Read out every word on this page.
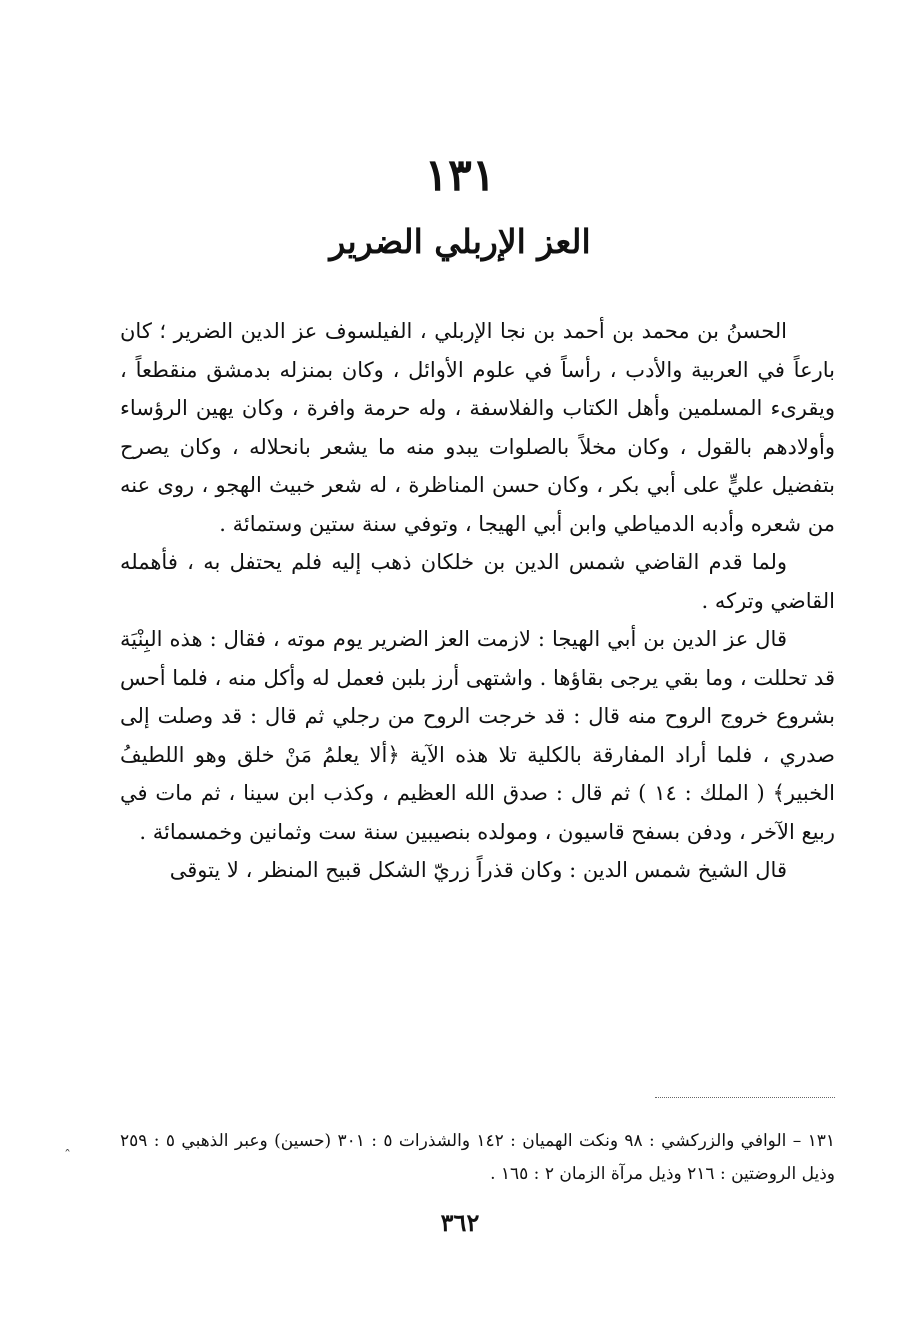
١٣١
العز الإربلي الضرير

الحسنُ بن محمد بن أحمد بن نجا الإربلي ، الفيلسوف عز الدين الضرير ؛ كان بارعاً في العربية والأدب ، رأساً في علوم الأوائل ، وكان بمنزله بدمشق منقطعاً ، ويقرىء المسلمين وأهل الكتاب والفلاسفة ، وله حرمة وافرة ، وكان يهين الرؤساء وأولادهم بالقول ، وكان مخلاً بالصلوات يبدو منه ما يشعر بانحلاله ، وكان يصرح بتفضيل عليٍّ على أبي بكر ، وكان حسن المناظرة ، له شعر خبيث الهجو ، روى عنه من شعره وأدبه الدمياطي وابن أبي الهيجا ، وتوفي سنة ستين وستمائة .

ولما قدم القاضي شمس الدين بن خلكان ذهب إليه فلم يحتفل به ، فأهمله القاضي وتركه .

قال عز الدين بن أبي الهيجا : لازمت العز الضرير يوم موته ، فقال : هذه البِنْيَة قد تحللت ، وما بقي يرجى بقاؤها . واشتهى أرز بلبن فعمل له وأكل منه ، فلما أحس بشروع خروج الروح منه قال : قد خرجت الروح من رجلي ثم قال : قد وصلت إلى صدري ، فلما أراد المفارقة بالكلية تلا هذه الآية ﴿ألا يعلمُ مَنْ خلق وهو اللطيفُ الخبير﴾ ( الملك : ١٤ ) ثم قال : صدق الله العظيم ، وكذب ابن سينا ، ثم مات في ربيع الآخر ، ودفن بسفح قاسيون ، ومولده بنصيبين سنة ست وثمانين وخمسمائة .

قال الشيخ شمس الدين : وكان قذراً زريّ الشكل قبيح المنظر ، لا يتوقى

١٣١ – الوافي والزركشي : ٩٨ ونكت الهميان : ١٤٢ والشذرات ٥ : ٣٠١ (حسين) وعبر الذهبي ٥ : ٢٥٩ وذيل الروضتين : ٢١٦ وذيل مرآة الزمان ٢ : ١٦٥ .
ˆ
٣٦٢
